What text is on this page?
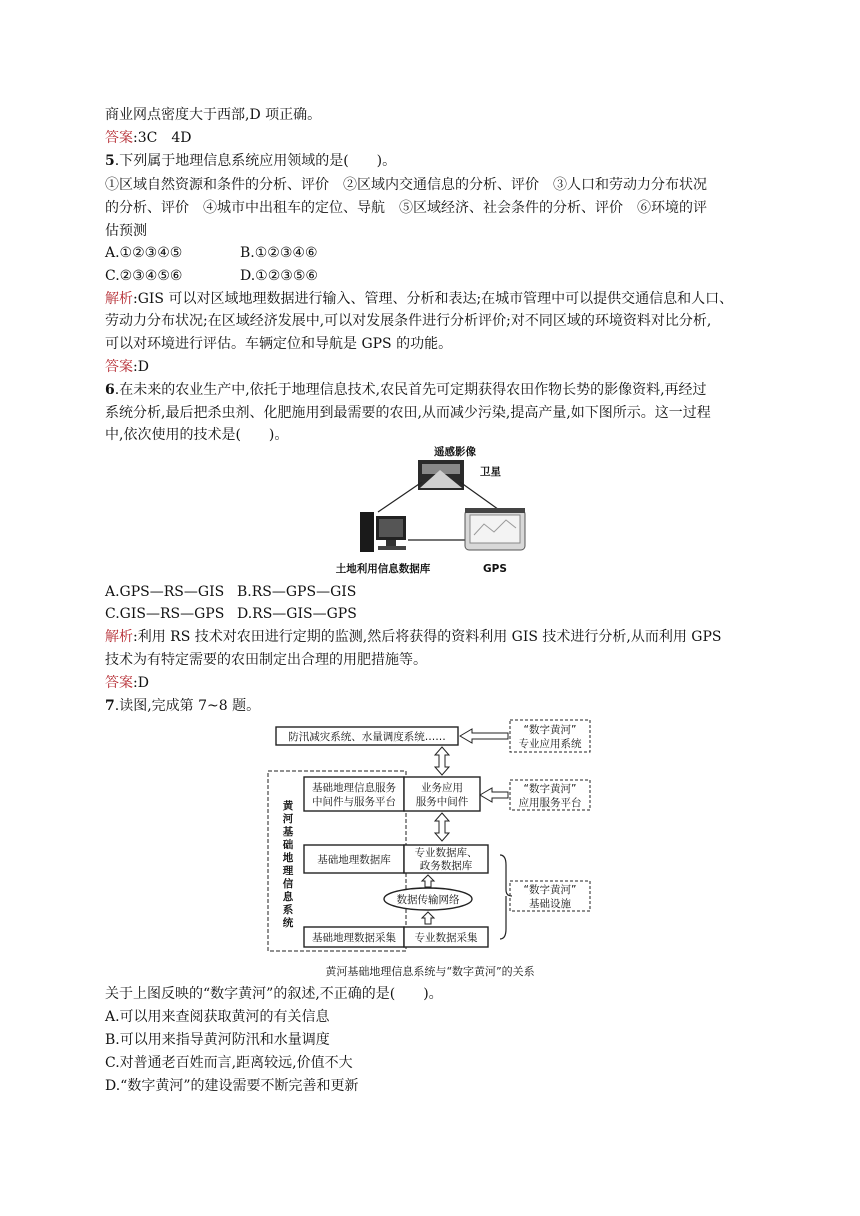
商业网点密度大于西部,D 项正确。
答案:3C　4D
5.下列属于地理信息系统应用领域的是(　　)。
①区域自然资源和条件的分析、评价　②区域内交通信息的分析、评价　③人口和劳动力分布状况
的分析、评价　④城市中出租车的定位、导航　⑤区域经济、社会条件的分析、评价　⑥环境的评
估预测
A.①②③④⑤	B.①②③④⑥
C.②③④⑤⑥	D.①②③⑤⑥
解析:GIS 可以对区域地理数据进行输入、管理、分析和表达;在城市管理中可以提供交通信息和人口、
劳动力分布状况;在区域经济发展中,可以对发展条件进行分析评价;对不同区域的环境资料对比分析,
可以对环境进行评估。车辆定位和导航是 GPS 的功能。
答案:D
6.在未来的农业生产中,依托于地理信息技术,农民首先可定期获得农田作物长势的影像资料,再经过
系统分析,最后把杀虫剂、化肥施用到最需要的农田,从而减少污染,提高产量,如下图所示。这一过程
中,依次使用的技术是(　　)。
遥感影像
卫星
土地利用信息数据库	GPS
A.GPS—RS—GIS B.RS—GPS—GIS
C.GIS—RS—GPS D.RS—GIS—GPS
解析:利用 RS 技术对农田进行定期的监测,然后将获得的资料利用 GIS 技术进行分析,从而利用 GPS
技术为有特定需要的农田制定出合理的用肥措施等。
答案:D
7.读图,完成第 7~8 题。
防汛减灾系统、水量调度系统……
“数字黄河”
专业应用系统
“数字黄河”
应用服务平台
“数字黄河”
基础设施
黄
河
基
础
地
理
信
息
系
统
基础地理信息服务
中间件与服务平台
业务应用
服务中间件
基础地理数据库
专业数据库、
政务数据库
数据传输网络
基础地理数据采集 专业数据采集
黄河基础地理信息系统与“数字黄河”的关系
关于上图反映的“数字黄河”的叙述,不正确的是(　　)。
A.可以用来查阅获取黄河的有关信息
B.可以用来指导黄河防汛和水量调度
C.对普通老百姓而言,距离较远,价值不大
D.“数字黄河”的建设需要不断完善和更新
